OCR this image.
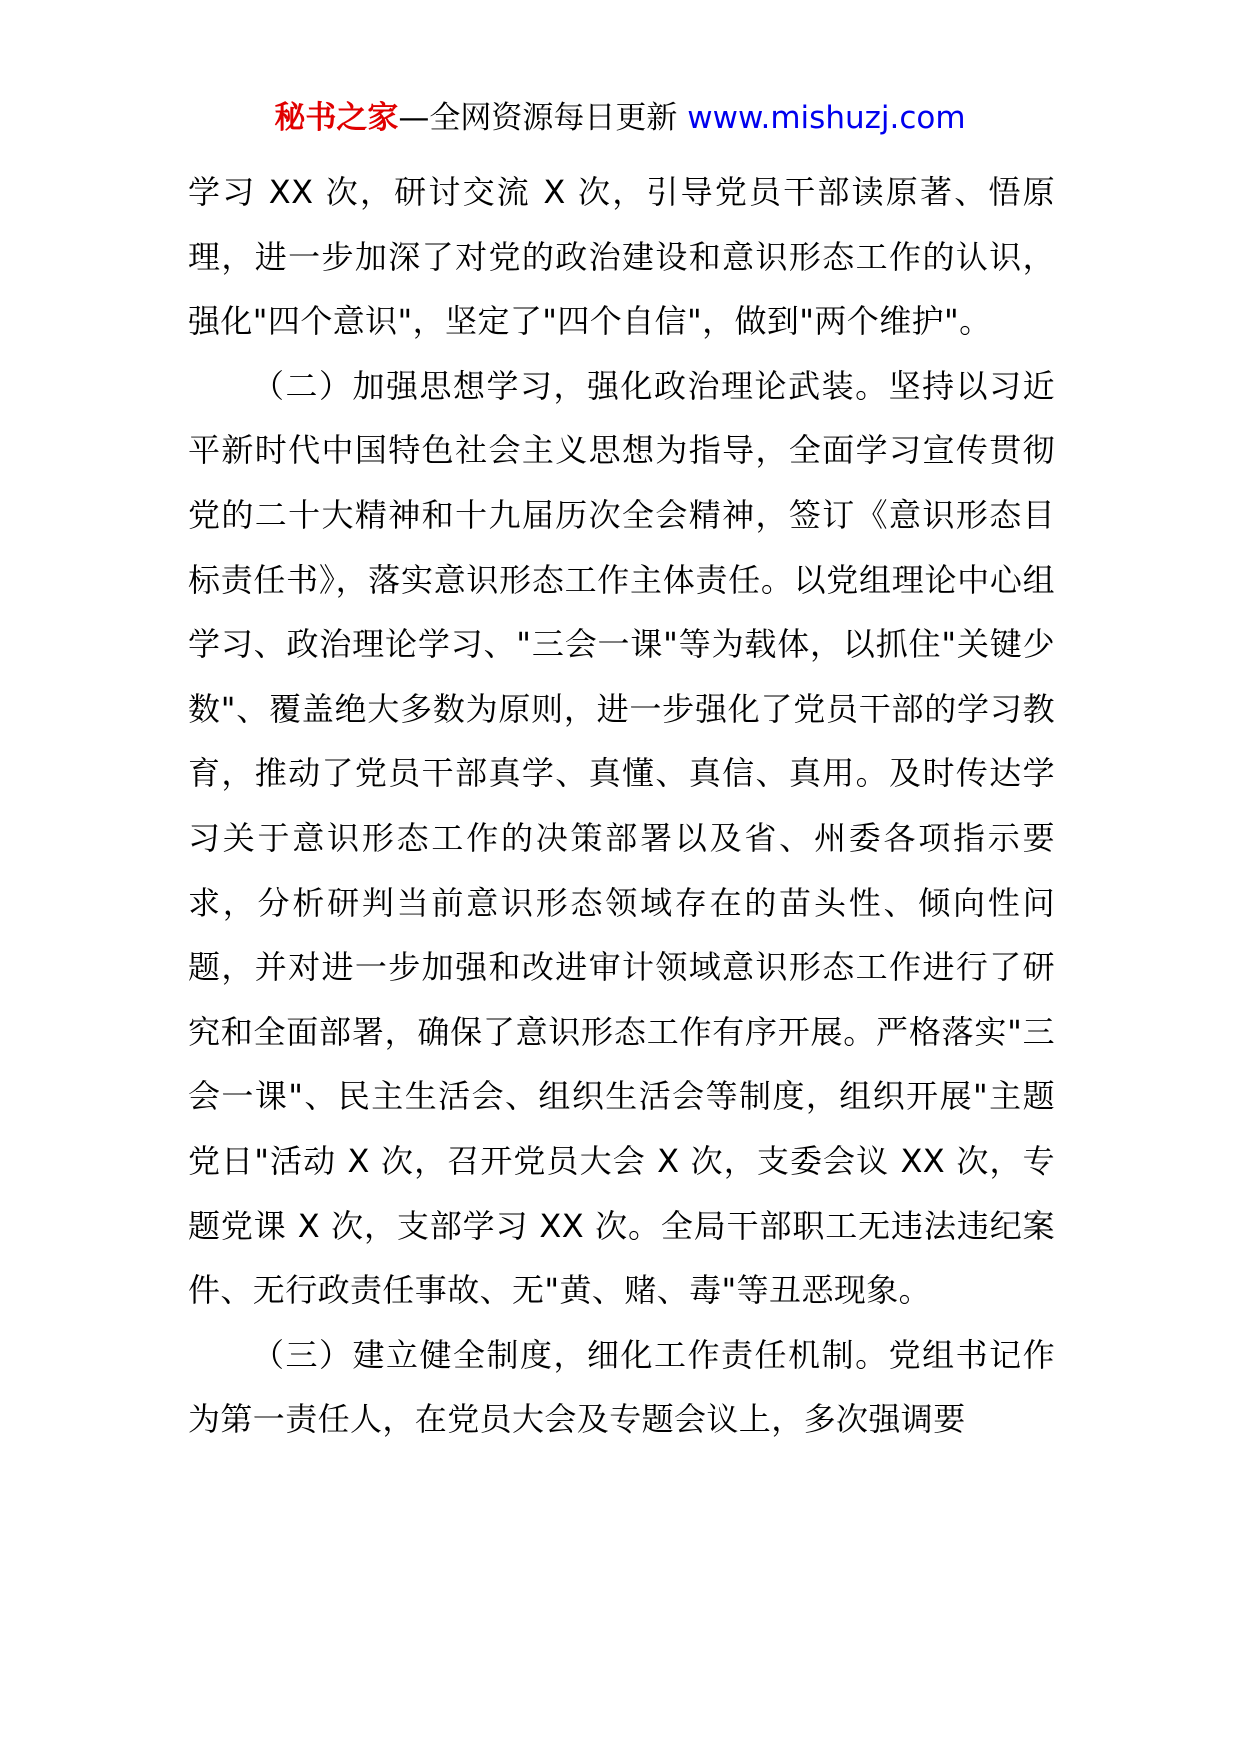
秘书之家—全网资源每日更新 www.mishuzj.com

学习 XX 次，研讨交流 X 次，引导党员干部读原著、悟原理，进一步加深了对党的政治建设和意识形态工作的认识，强化"四个意识"，坚定了"四个自信"，做到"两个维护"。

（二）加强思想学习，强化政治理论武装。坚持以习近平新时代中国特色社会主义思想为指导，全面学习宣传贯彻党的二十大精神和十九届历次全会精神，签订《意识形态目标责任书》，落实意识形态工作主体责任。以党组理论中心组学习、政治理论学习、"三会一课"等为载体，以抓住"关键少数"、覆盖绝大多数为原则，进一步强化了党员干部的学习教育，推动了党员干部真学、真懂、真信、真用。及时传达学习关于意识形态工作的决策部署以及省、州委各项指示要求，分析研判当前意识形态领域存在的苗头性、倾向性问题，并对进一步加强和改进审计领域意识形态工作进行了研究和全面部署，确保了意识形态工作有序开展。严格落实"三会一课"、民主生活会、组织生活会等制度，组织开展"主题党日"活动 X 次，召开党员大会 X 次，支委会议 XX 次，专题党课 X 次，支部学习 XX 次。全局干部职工无违法违纪案件、无行政责任事故、无"黄、赌、毒"等丑恶现象。

（三）建立健全制度，细化工作责任机制。党组书记作为第一责任人，在党员大会及专题会议上，多次强调要
